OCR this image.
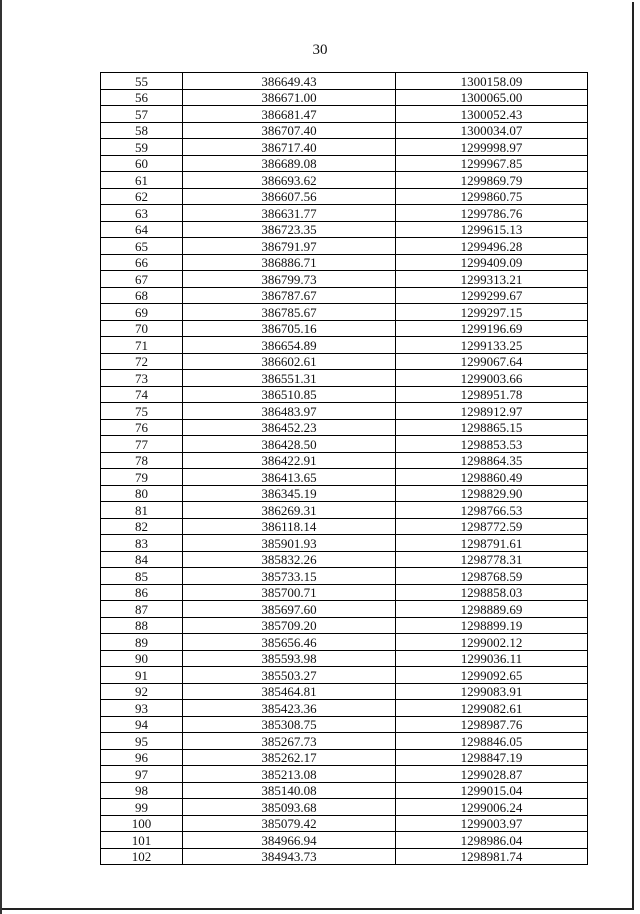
30
55	386649.43	1300158.09
56	386671.00	1300065.00
57	386681.47	1300052.43
58	386707.40	1300034.07
59	386717.40	1299998.97
60	386689.08	1299967.85
61	386693.62	1299869.79
62	386607.56	1299860.75
63	386631.77	1299786.76
64	386723.35	1299615.13
65	386791.97	1299496.28
66	386886.71	1299409.09
67	386799.73	1299313.21
68	386787.67	1299299.67
69	386785.67	1299297.15
70	386705.16	1299196.69
71	386654.89	1299133.25
72	386602.61	1299067.64
73	386551.31	1299003.66
74	386510.85	1298951.78
75	386483.97	1298912.97
76	386452.23	1298865.15
77	386428.50	1298853.53
78	386422.91	1298864.35
79	386413.65	1298860.49
80	386345.19	1298829.90
81	386269.31	1298766.53
82	386118.14	1298772.59
83	385901.93	1298791.61
84	385832.26	1298778.31
85	385733.15	1298768.59
86	385700.71	1298858.03
87	385697.60	1298889.69
88	385709.20	1298899.19
89	385656.46	1299002.12
90	385593.98	1299036.11
91	385503.27	1299092.65
92	385464.81	1299083.91
93	385423.36	1299082.61
94	385308.75	1298987.76
95	385267.73	1298846.05
96	385262.17	1298847.19
97	385213.08	1299028.87
98	385140.08	1299015.04
99	385093.68	1299006.24
100	385079.42	1299003.97
101	384966.94	1298986.04
102	384943.73	1298981.74
